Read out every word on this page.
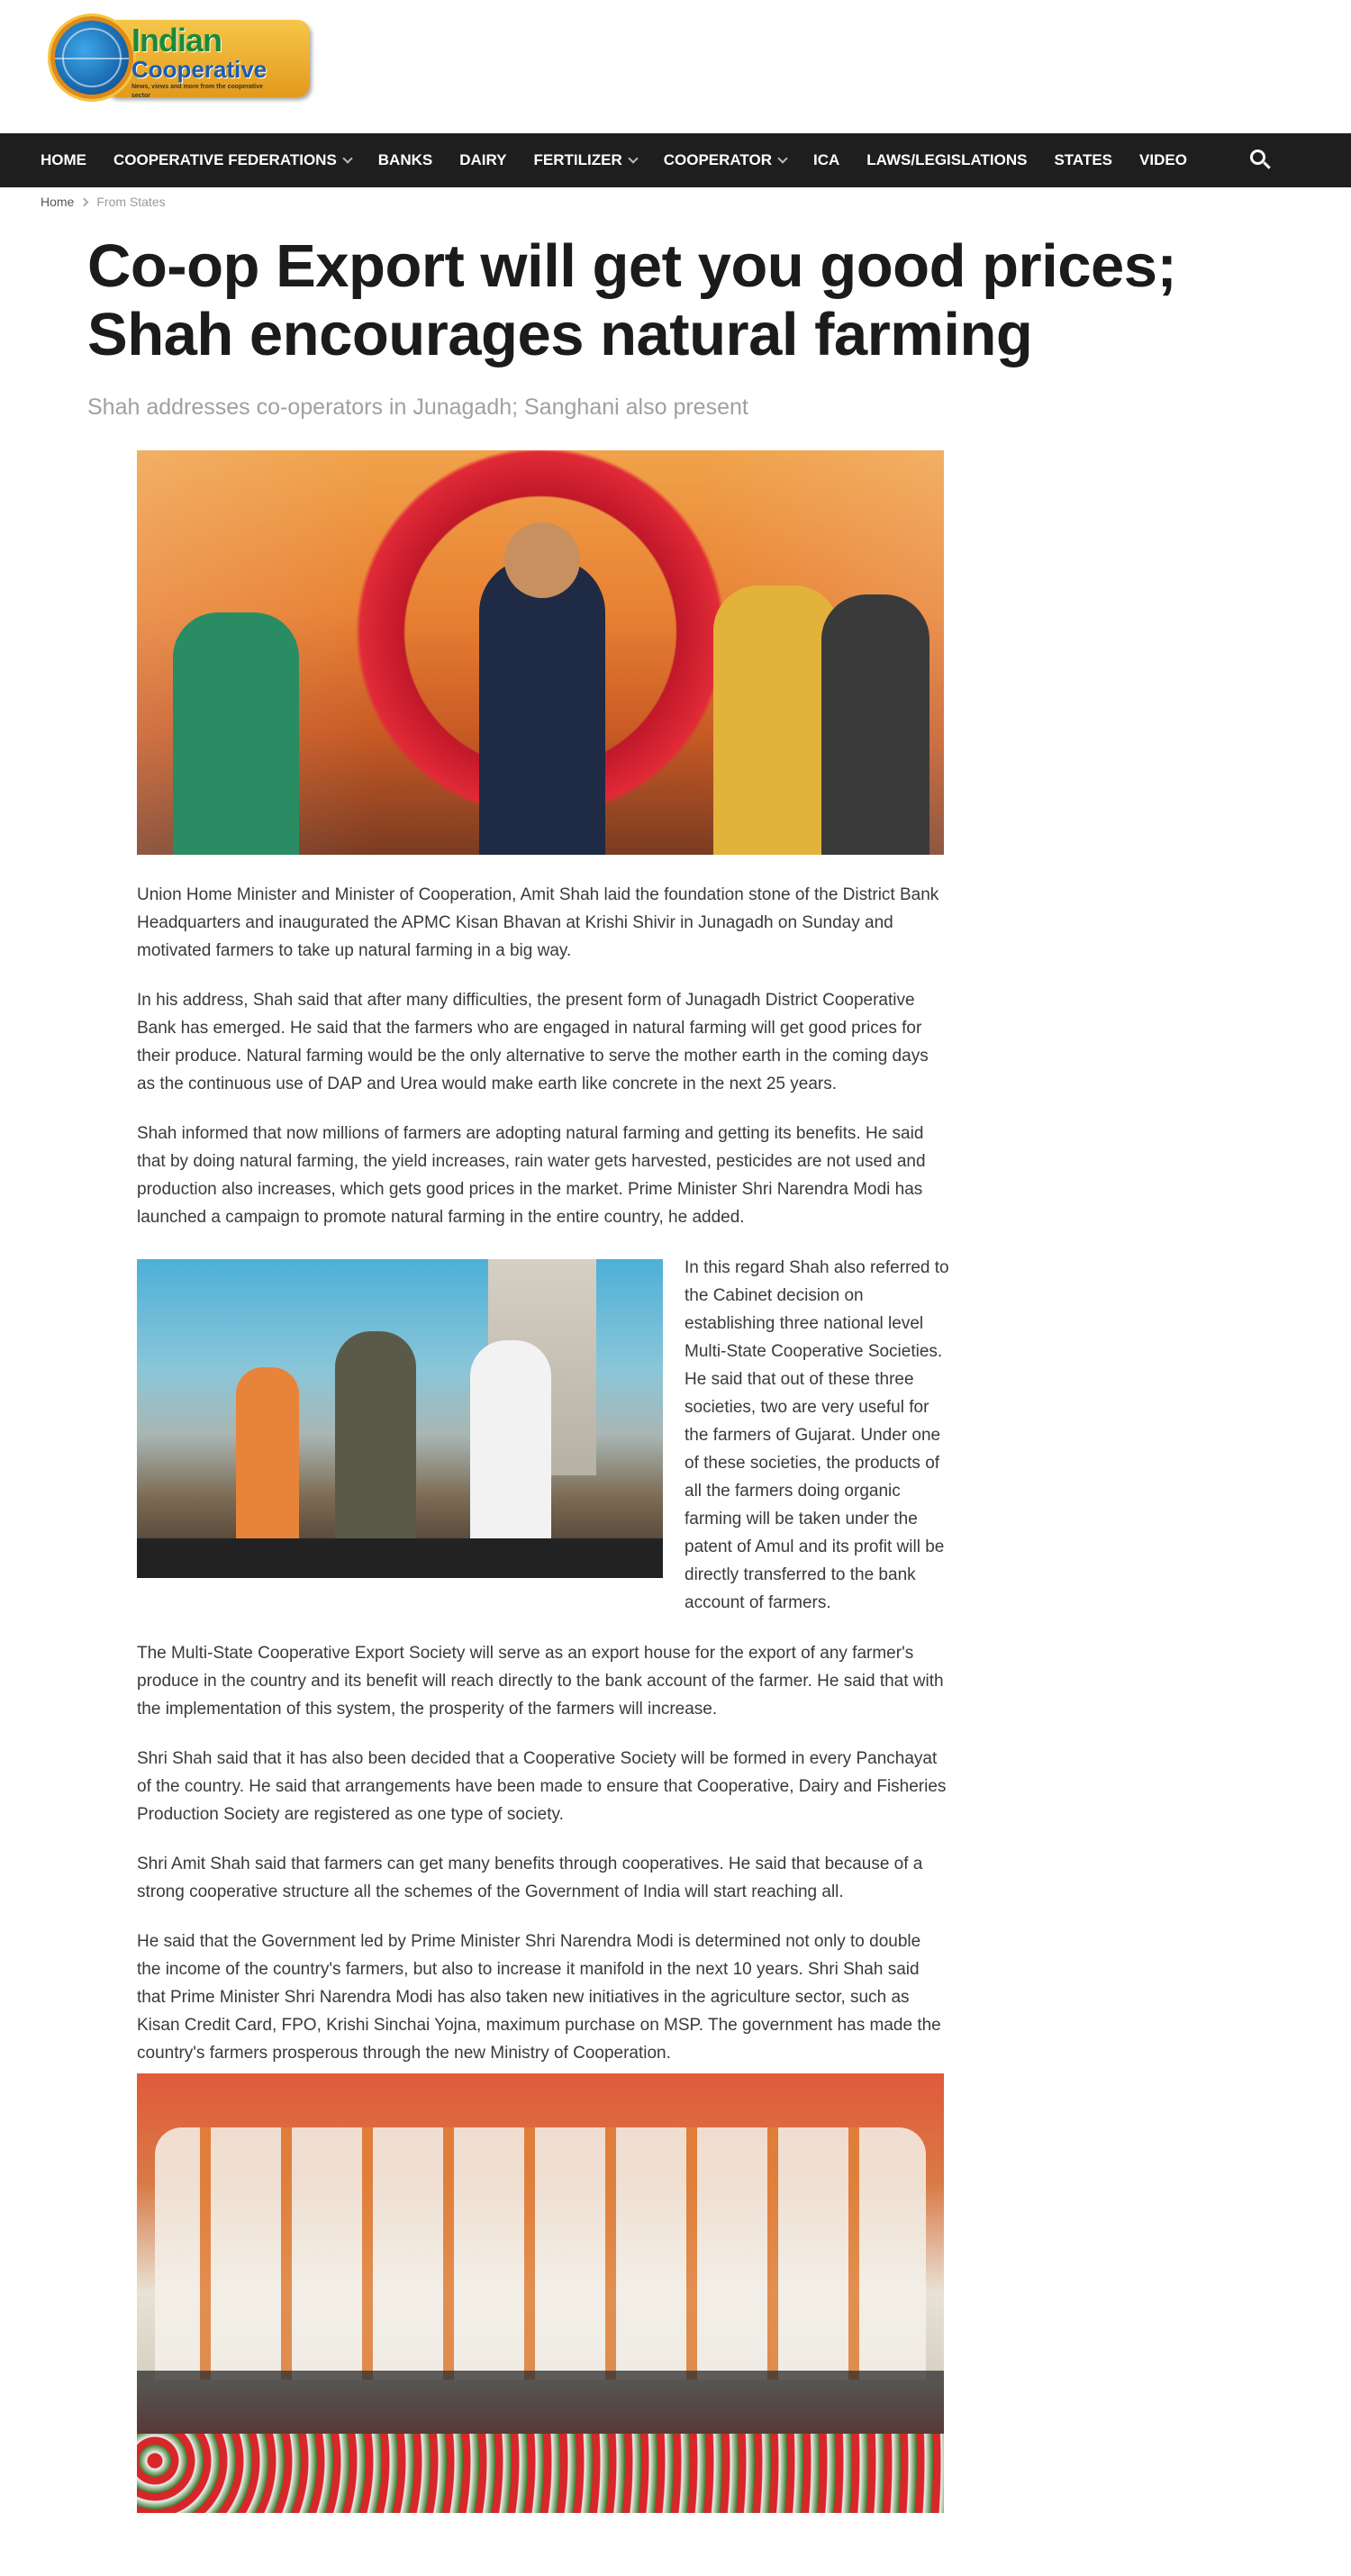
Indian
Cooperative
News, views and more from the cooperative sector
HOME COOPERATIVE FEDERATIONS	BANKS DAIRY FERTILIZER	COOPERATOR	ICA LAWS/LEGISLATIONS STATES VIDEO
Home From States
Co-op Export will get you good prices; Shah encourages natural farming
Shah addresses co-operators in Junagadh; Sanghani also present

Union Home Minister and Minister of Cooperation, Amit Shah laid the foundation stone of the District Bank Headquarters and inaugurated the APMC Kisan Bhavan at Krishi Shivir in Junagadh on Sunday and motivated farmers to take up natural farming in a big way.

In his address, Shah said that after many difficulties, the present form of Junagadh District Cooperative Bank has emerged. He said that the farmers who are engaged in natural farming will get good prices for their produce. Natural farming would be the only alternative to serve the mother earth in the coming days as the continuous use of DAP and Urea would make earth like concrete in the next 25 years.

Shah informed that now millions of farmers are adopting natural farming and getting its benefits. He said that by doing natural farming, the yield increases, rain water gets harvested, pesticides are not used and production also increases, which gets good prices in the market. Prime Minister Shri Narendra Modi has launched a campaign to promote natural farming in the entire country, he added.

In this regard Shah also referred to the Cabinet decision on establishing three national level Multi-State Cooperative Societies. He said that out of these three societies, two are very useful for the farmers of Gujarat. Under one of these societies, the products of all the farmers doing organic farming will be taken under the patent of Amul and its profit will be directly transferred to the bank account of farmers.

The Multi-State Cooperative Export Society will serve as an export house for the export of any farmer's produce in the country and its benefit will reach directly to the bank account of the farmer. He said that with the implementation of this system, the prosperity of the farmers will increase.

Shri Shah said that it has also been decided that a Cooperative Society will be formed in every Panchayat of the country. He said that arrangements have been made to ensure that Cooperative, Dairy and Fisheries Production Society are registered as one type of society.

Shri Amit Shah said that farmers can get many benefits through cooperatives. He said that because of a strong cooperative structure all the schemes of the Government of India will start reaching all.

He said that the Government led by Prime Minister Shri Narendra Modi is determined not only to double the income of the country's farmers, but also to increase it manifold in the next 10 years. Shri Shah said that Prime Minister Shri Narendra Modi has also taken new initiatives in the agriculture sector, such as Kisan Credit Card, FPO, Krishi Sinchai Yojna, maximum purchase on MSP. The government has made the country's farmers prosperous through the new Ministry of Cooperation.
